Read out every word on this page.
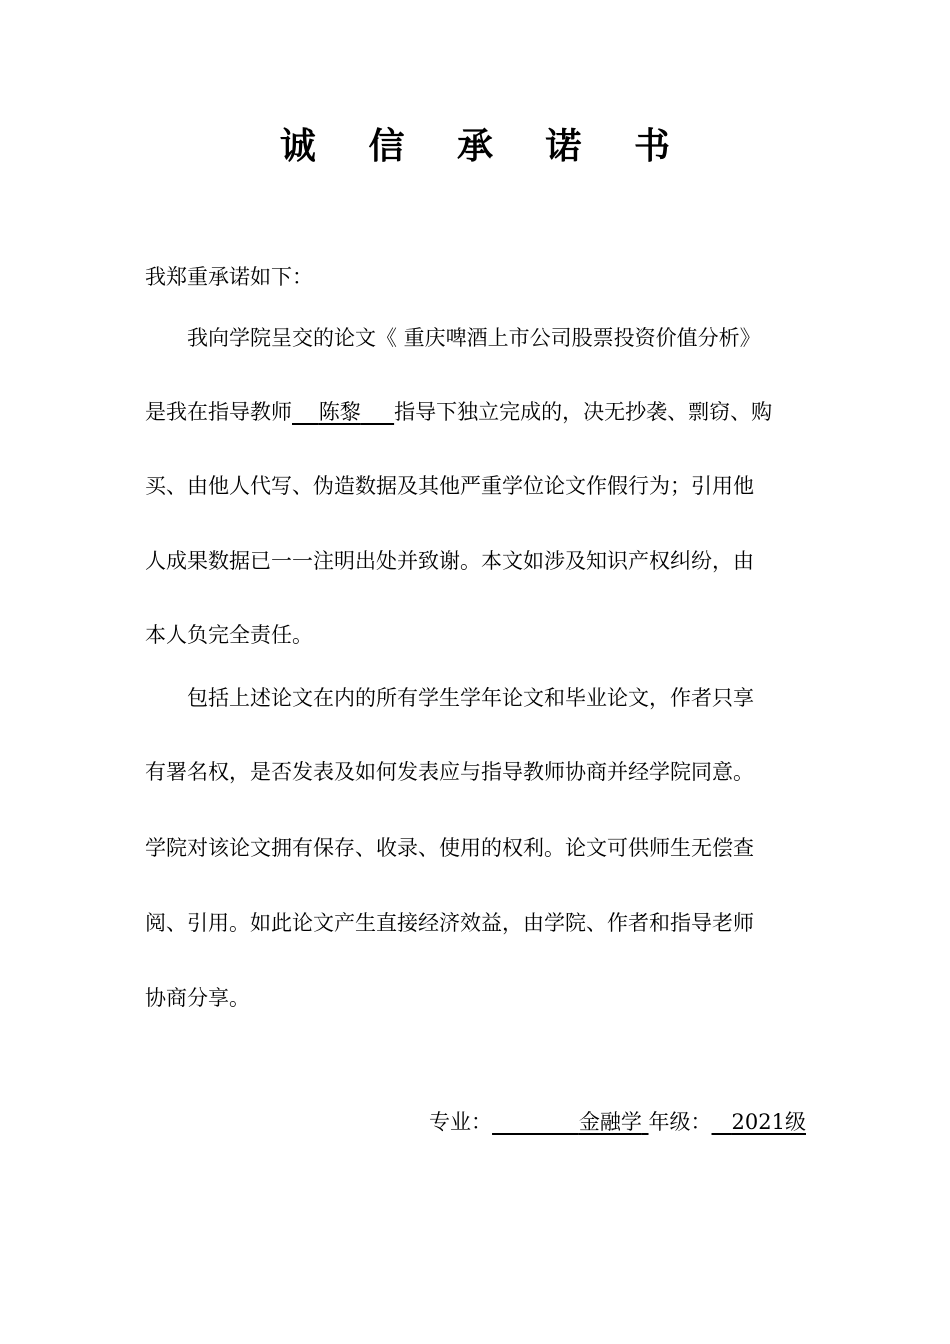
诚 信 承 诺 书
我郑重承诺如下：
我向学院呈交的论文《 重庆啤酒上市公司股票投资价值分析》
是我在指导教师 陈黎 指导下独立完成的，决无抄袭、剽窃、购
买、由他人代写、伪造数据及其他严重学位论文作假行为；引用他
人成果数据已一一注明出处并致谢。本文如涉及知识产权纠纷，由
本人负完全责任。
包括上述论文在内的所有学生学年论文和毕业论文，作者只享
有署名权，是否发表及如何发表应与指导教师协商并经学院同意。
学院对该论文拥有保存、收录、使用的权利。论文可供师生无偿查
阅、引用。如此论文产生直接经济效益，由学院、作者和指导老师
协商分享。
专业：	金融学 年级： 2021级
